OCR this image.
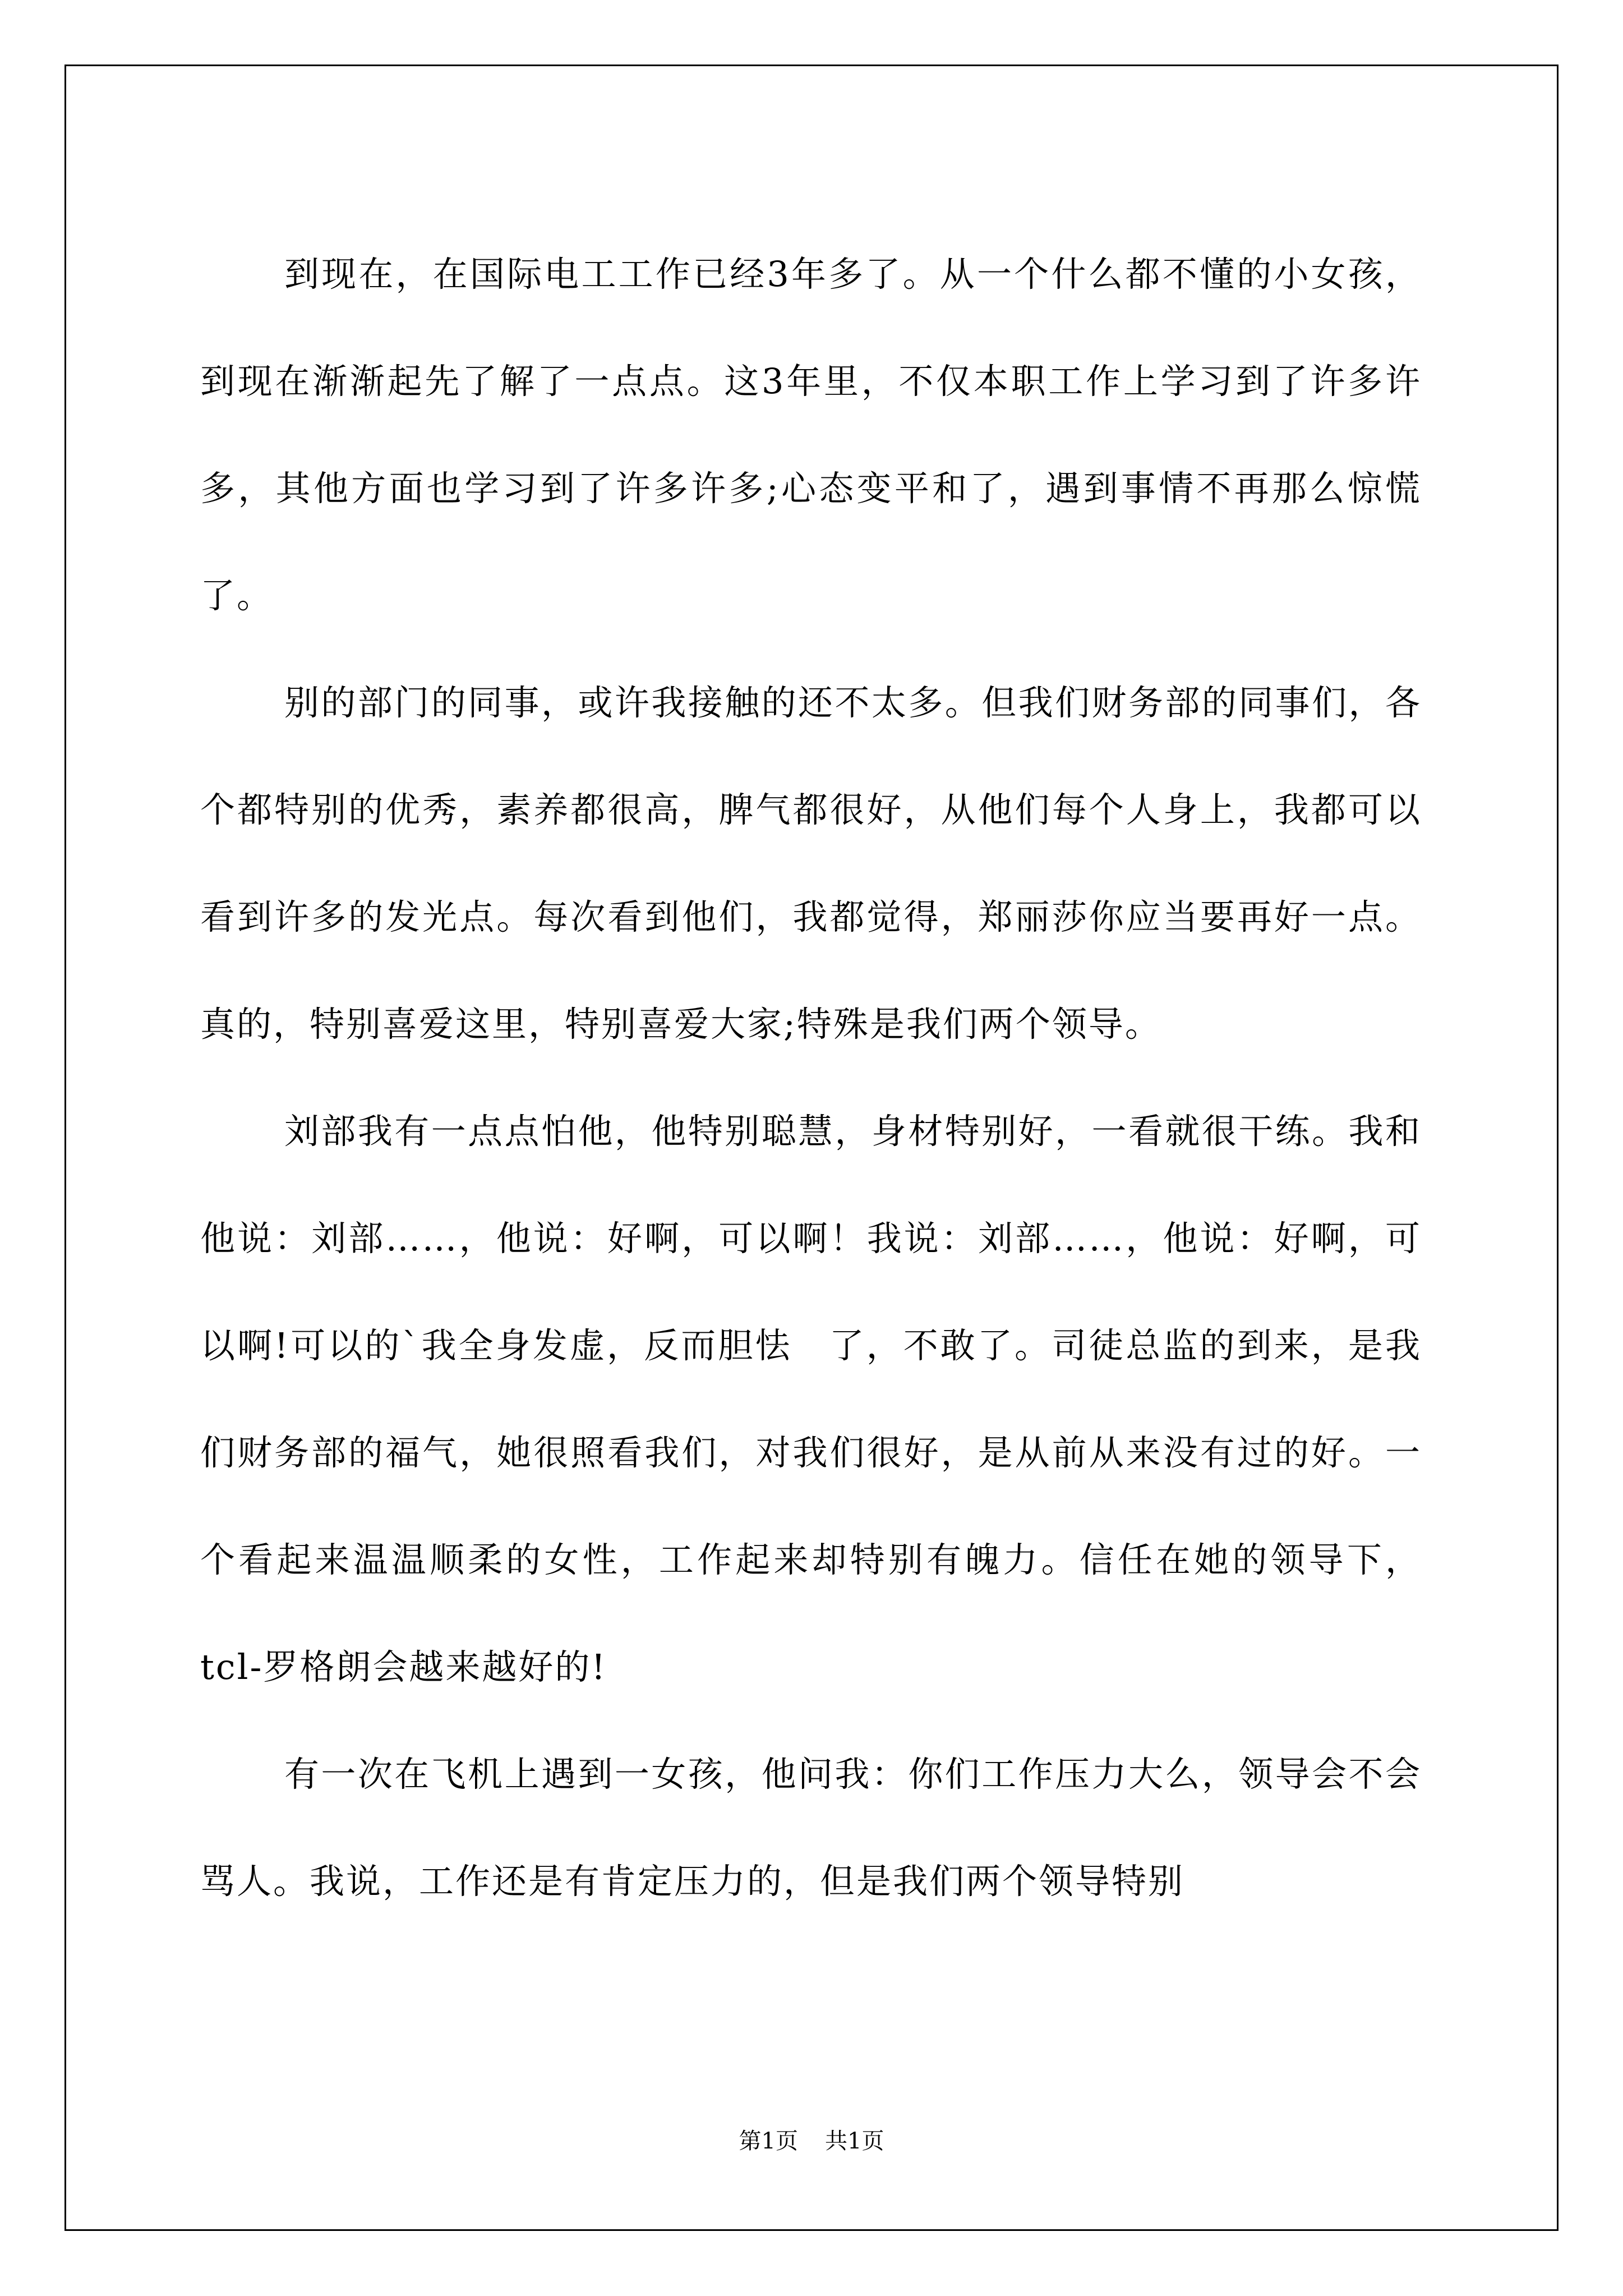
到现在，在国际电工工作已经3年多了。从一个什么都不懂的小女孩，到现在渐渐起先了解了一点点。这3年里，不仅本职工作上学习到了许多许多，其他方面也学习到了许多许多;心态变平和了，遇到事情不再那么惊慌了。

别的部门的同事，或许我接触的还不太多。但我们财务部的同事们，各个都特别的优秀，素养都很高，脾气都很好，从他们每个人身上，我都可以看到许多的发光点。每次看到他们，我都觉得，郑丽莎你应当要再好一点。真的，特别喜爱这里，特别喜爱大家;特殊是我们两个领导。

刘部我有一点点怕他，他特别聪慧，身材特别好，一看就很干练。我和他说：刘部……，他说：好啊，可以啊！我说：刘部……，他说：好啊，可以啊!可以的`我全身发虚，反而胆怯　了，不敢了。司徒总监的到来，是我们财务部的福气，她很照看我们，对我们很好，是从前从来没有过的好。一个看起来温温顺柔的女性，工作起来却特别有魄力。信任在她的领导下，tcl-罗格朗会越来越好的!

有一次在飞机上遇到一女孩，他问我：你们工作压力大么，领导会不会骂人。我说，工作还是有肯定压力的，但是我们两个领导特别

第1页 共1页
